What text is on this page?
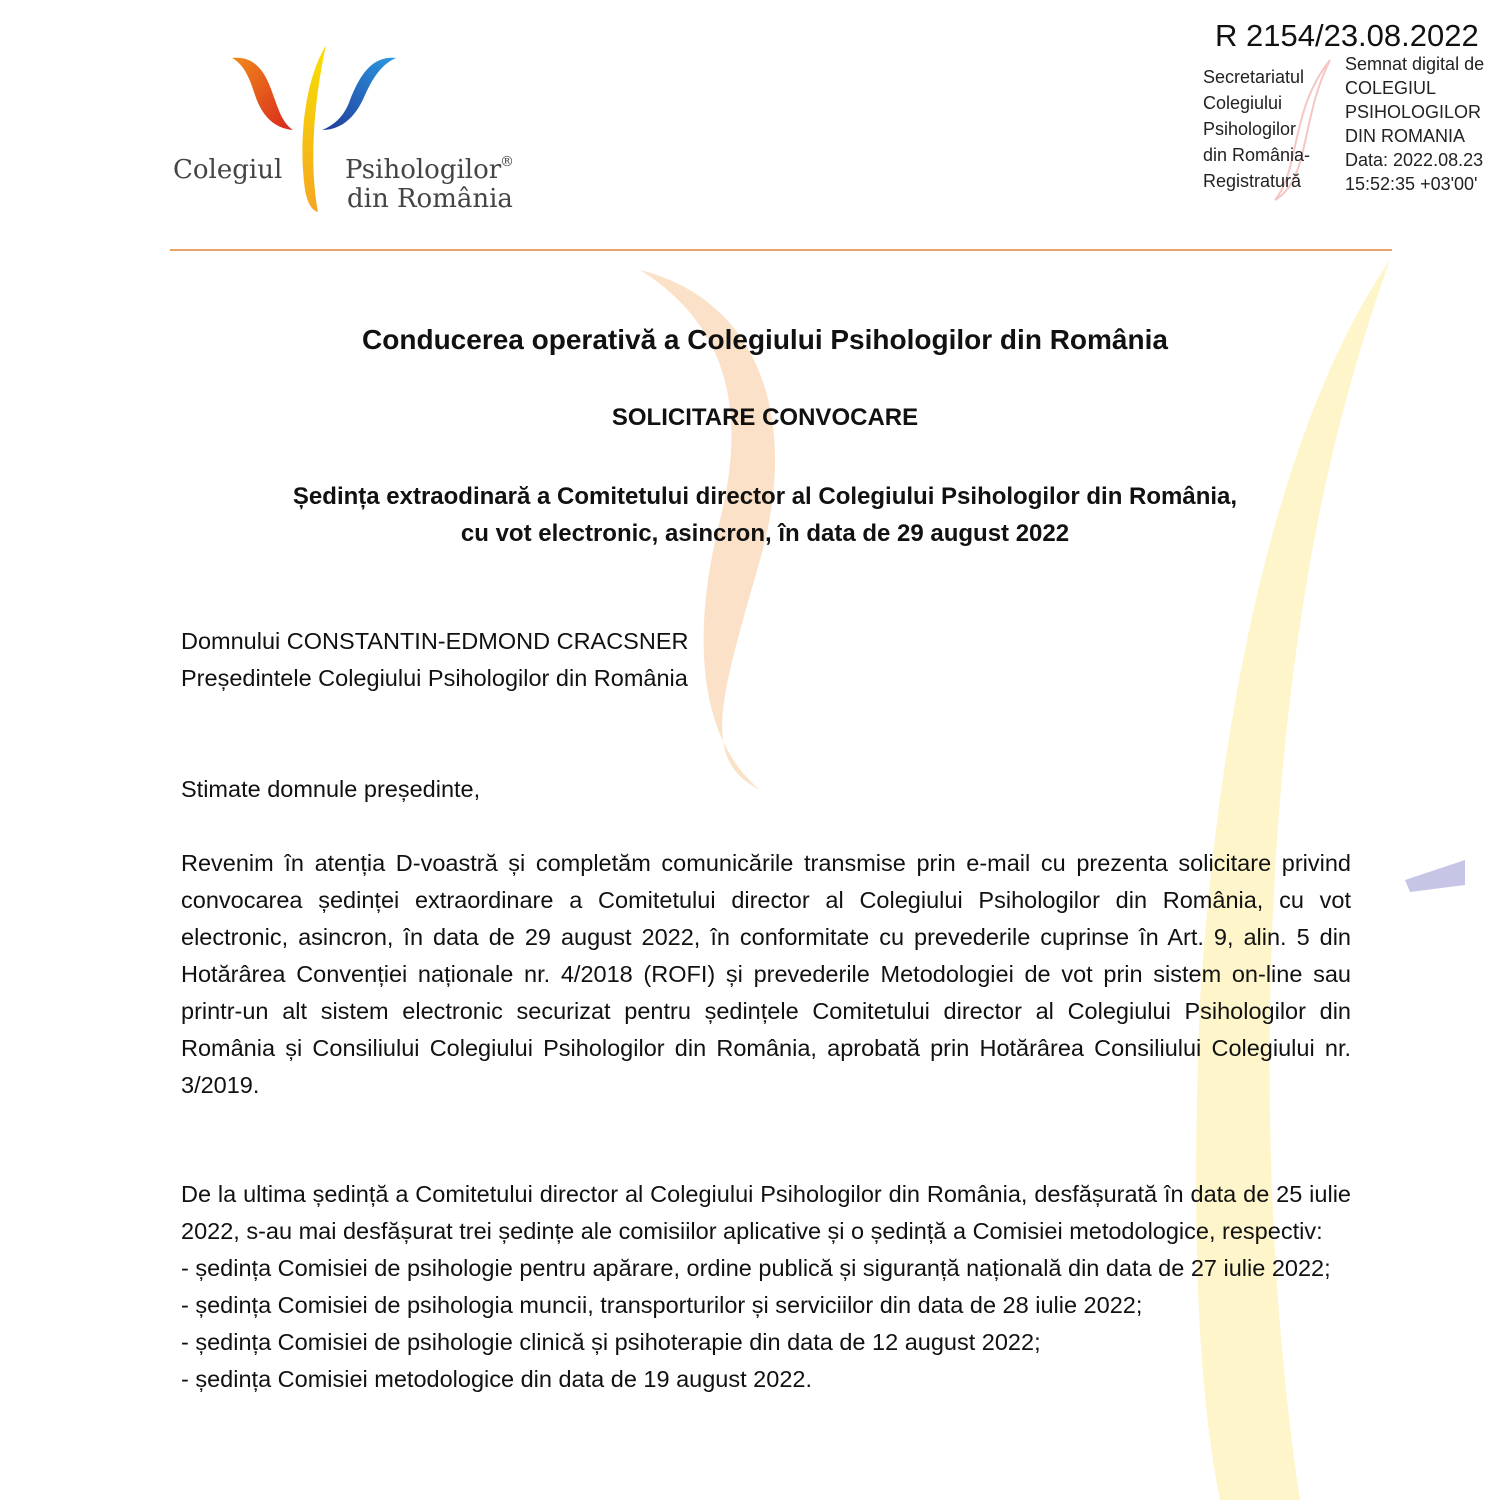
Colegiul Psihologilor
®
din România
R 2154/23.08.2022
Secretariatul
Colegiului
Psihologilor
din România-
Registratură
Semnat digital de
COLEGIUL
PSIHOLOGILOR
DIN ROMANIA
Data: 2022.08.23
15:52:35 +03'00'
Conducerea operativă a Colegiului Psihologilor din România
SOLICITARE CONVOCARE
Ședința extraodinară a Comitetului director al Colegiului Psihologilor din România,
cu vot electronic, asincron, în data de 29 august 2022
Domnului CONSTANTIN-EDMOND CRACSNER
Președintele Colegiului Psihologilor din România
Stimate domnule președinte,

Revenim în atenția D-voastră și completăm comunicările transmise prin e-mail cu prezenta solicitare privind convocarea ședinței extraordinare a Comitetului director al Colegiului Psihologilor din România, cu vot electronic, asincron, în data de 29 august 2022, în conformitate cu prevederile cuprinse în Art. 9, alin. 5 din Hotărârea Convenției naționale nr. 4/2018 (ROFI) și prevederile Metodologiei de vot prin sistem on-line sau printr-un alt sistem electronic securizat pentru ședințele Comitetului director al Colegiului Psihologilor din România și Consiliului Colegiului Psihologilor din România, aprobată prin Hotărârea Consiliului Colegiului nr. 3/2019.

De la ultima ședință a Comitetului director al Colegiului Psihologilor din România, desfășurată în data de 25 iulie 2022, s-au mai desfășurat trei ședințe ale comisiilor aplicative și o ședință a Comisiei metodologice, respectiv:

- ședința Comisiei de psihologie pentru apărare, ordine publică și siguranță națională din data de 27 iulie 2022;

- ședința Comisiei de psihologia muncii, transporturilor și serviciilor din data de 28 iulie 2022;

- ședința Comisiei de psihologie clinică și psihoterapie din data de 12 august 2022;

- ședința Comisiei metodologice din data de 19 august 2022.
